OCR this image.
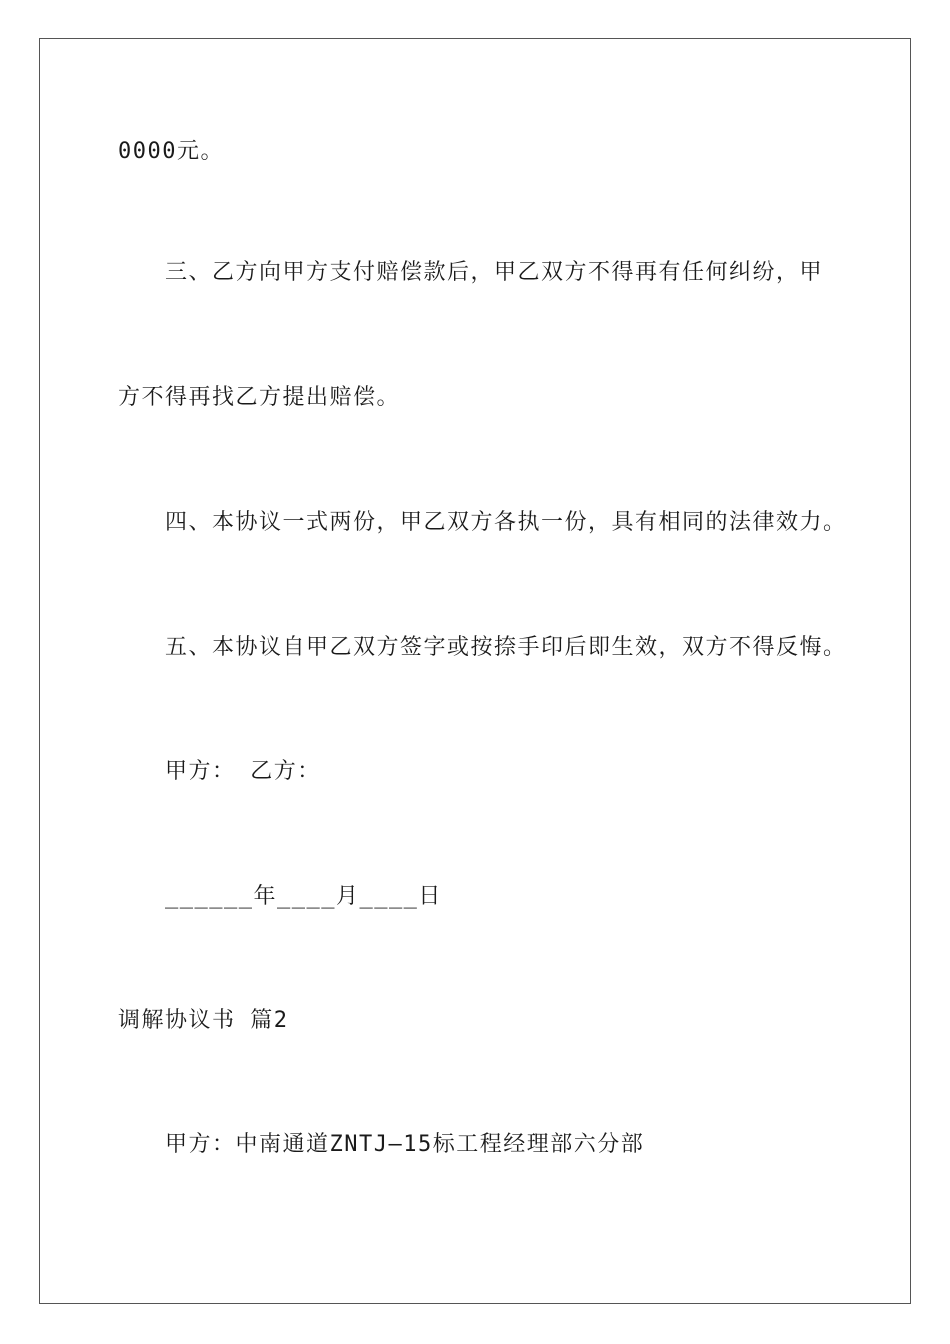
0000元。
三、乙方向甲方支付赔偿款后，甲乙双方不得再有任何纠纷，甲
方不得再找乙方提出赔偿。
四、本协议一式两份，甲乙双方各执一份，具有相同的法律效力。
五、本协议自甲乙双方签字或按捺手印后即生效，双方不得反悔。
甲方： 乙方：
______年____月____日
调解协议书 篇2
甲方：中南通道ZNTJ—15标工程经理部六分部
